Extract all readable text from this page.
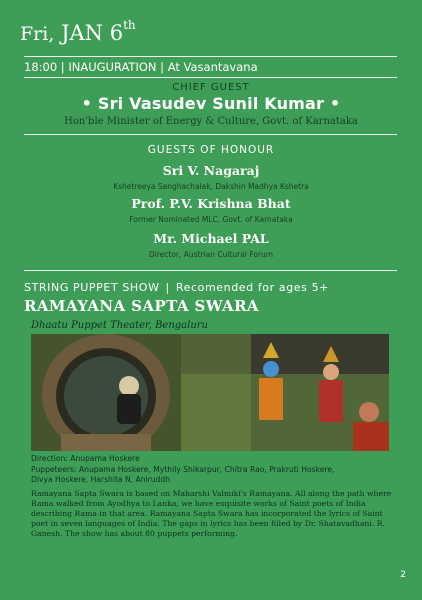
Fri, JAN 6th
18:00 | INAUGURATION | At Vasantavana
CHIEF GUEST
• Sri Vasudev Sunil Kumar •
Hon'ble Minister of Energy & Culture, Govt. of Karnataka
GUESTS OF HONOUR
Sri V. Nagaraj
Kshetreeya Sanghachalak, Dakshin Madhya Kshetra
Prof. P.V. Krishna Bhat
Former Nominated MLC, Govt. of Karnataka
Mr. Michael PAL
Director, Austrian Cultural Forum
STRING PUPPET SHOW | Recomended for ages 5+
RAMAYANA SAPTA SWARA
Dhaatu Puppet Theater, Bengaluru
Direction: Anupama Hoskere
Puppeteers: Anupama Hoskere, Mythily Shikarpur, Chitra Rao, Prakruti Hoskere,
Divya Hoskere, Harshita N, Aniruddh
Ramayana Sapta Swara is based on Maharshi Valmiki's Ramayana. All along the path where Rama walked from Ayodhya to Lanka, we have exquisite works of Saint poets of India describing Rama in that area. Ramayana Sapta Swara has incorporated the lyrics of Saint poet in seven languages of India. The gaps in lyrics has been filled by Dr. Shatavadhani. R. Ganesh. The show has about 80 puppets performing.
2
